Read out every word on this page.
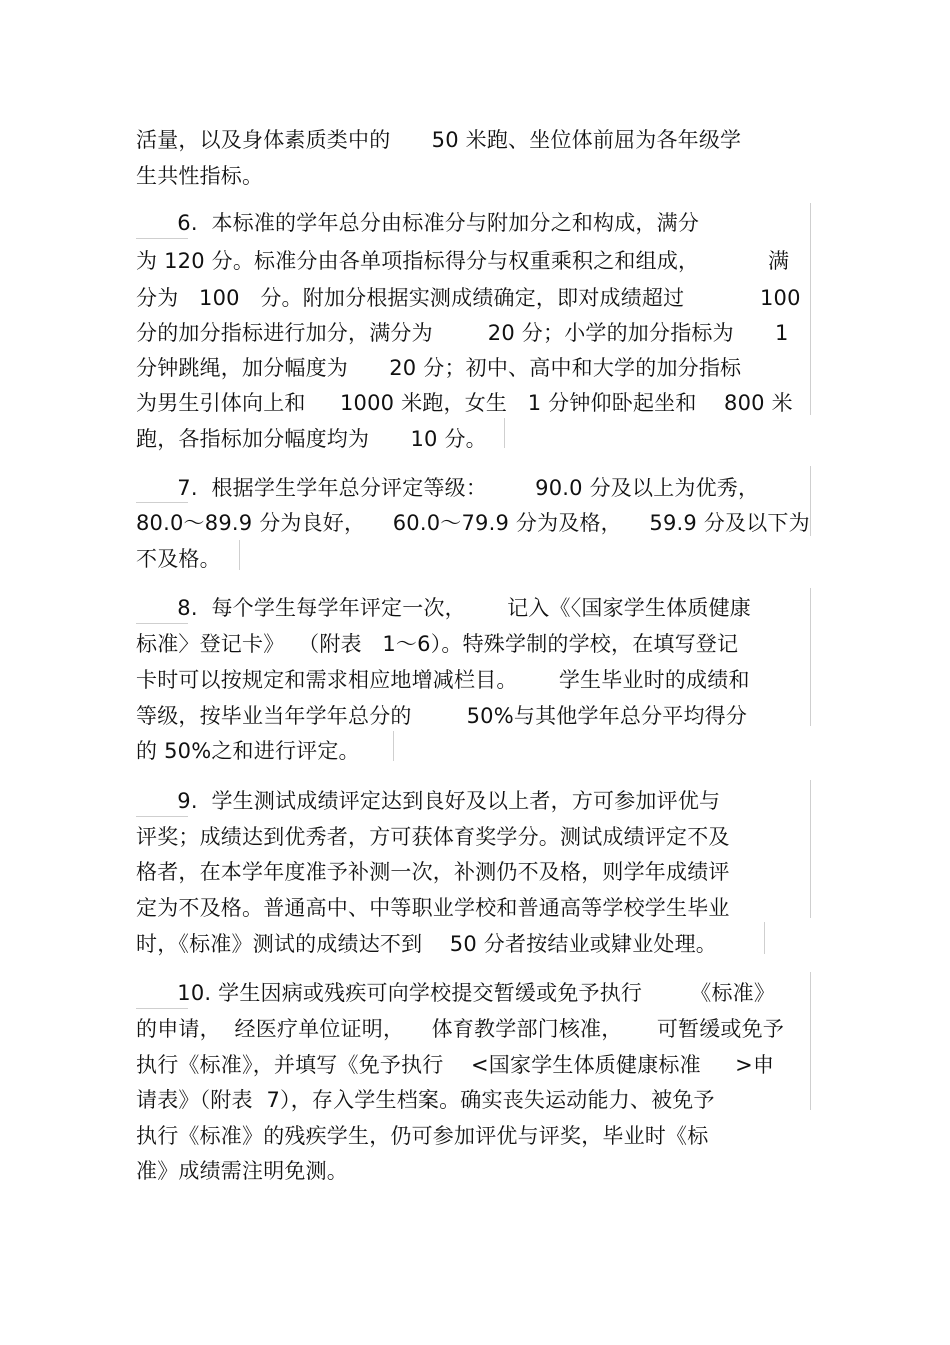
活量，以及身体素质类中的      50 米跑、坐位体前屈为各年级学
生共性指标。
6.  本标准的学年总分由标准分与附加分之和构成，满分
为 120 分。标准分由各单项指标得分与权重乘积之和组成，          满
分为   100   分。附加分根据实测成绩确定，即对成绩超过           100
分的加分指标进行加分，满分为        20 分；小学的加分指标为      1
分钟跳绳，加分幅度为      20 分；初中、高中和大学的加分指标
为男生引体向上和     1000 米跑，女生   1 分钟仰卧起坐和    800 米
跑，各指标加分幅度均为      10 分。
7.  根据学生学年总分评定等级：       90.0 分及以上为优秀，
80.0～89.9 分为良好，    60.0～79.9 分为及格，    59.9 分及以下为
不及格。
8.  每个学生每学年评定一次，      记入《〈国家学生体质健康
标准〉登记卡》  （附表   1～6）。特殊学制的学校，在填写登记
卡时可以按规定和需求相应地增减栏目。      学生毕业时的成绩和
等级，按毕业当年学年总分的        50%与其他学年总分平均得分
的 50%之和进行评定。
9.  学生测试成绩评定达到良好及以上者，方可参加评优与
评奖；成绩达到优秀者，方可获体育奖学分。测试成绩评定不及
格者，在本学年度准予补测一次，补测仍不及格，则学年成绩评
定为不及格。普通高中、中等职业学校和普通高等学校学生毕业
时，《标准》测试的成绩达不到    50 分者按结业或肄业处理。
10. 学生因病或残疾可向学校提交暂缓或免予执行       《标准》
的申请，  经医疗单位证明，    体育教学部门核准，     可暂缓或免予
执行《标准》，并填写《免予执行    <国家学生体质健康标准     >申
请表》（附表  7），存入学生档案。确实丧失运动能力、被免予
执行《标准》的残疾学生，仍可参加评优与评奖，毕业时《标
准》成绩需注明免测。
